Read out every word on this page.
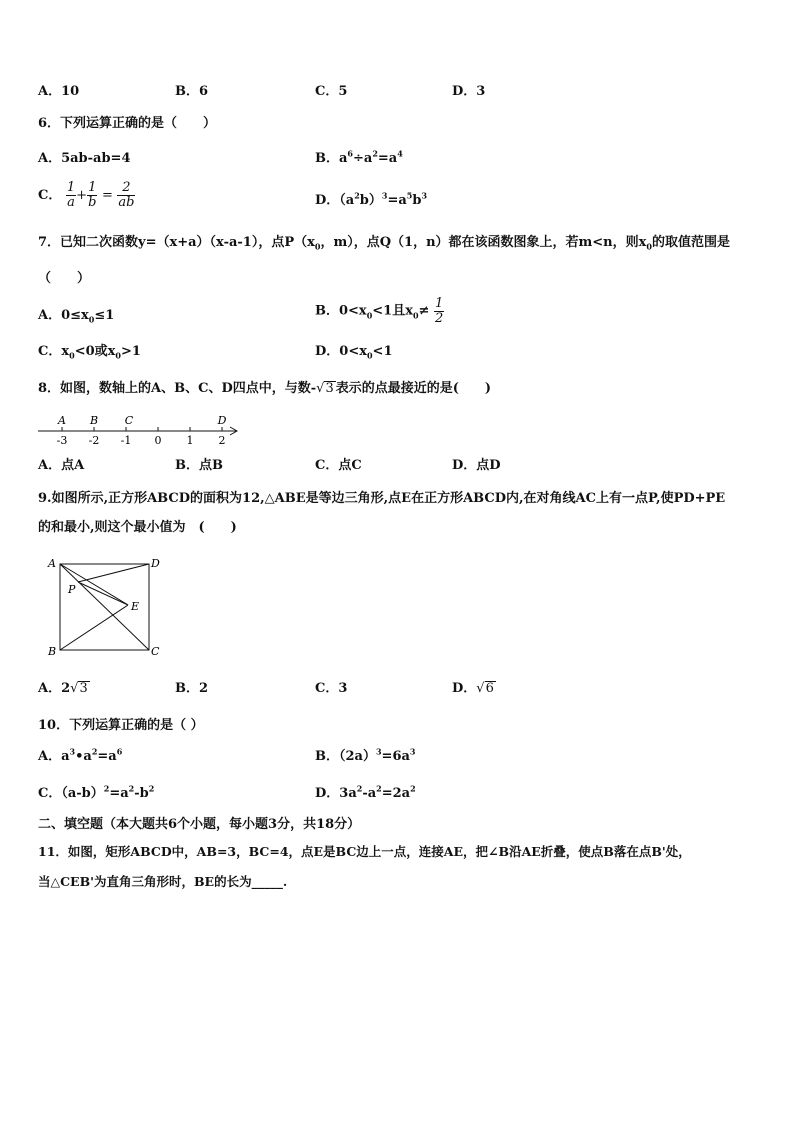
A．10	B．6	C．5	D．3
6．下列运算正确的是（　　）
A．5ab-ab=4	B．$a^6\div a^2=a^4$
C． $\frac{1}{a} + \frac{1}{b} = \frac{2}{ab}$	D．$(a^2b)^3=a^5b^3$
7．已知二次函数y=（x+a）（x-a-1），点$P(x_0$，m），点Q（1，n）都在该函数图象上，若m<n，则$x_0$的取值范围是
（　　）
A．$0\le x_0\le 1$	B．$0<x_0<1$且$x_0\ne \frac{1}{2}$
C．$x_0<0$或$x_0>1$	D．$0<x_0<1$
8．如图，数轴上的A、B、C、D四点中，与数-√3 表示的点最接近的是(　　)
-3 -2 -1 0 1 2
A B C	D
A．点A	B．点B	C．点C	D．点D
9.如图所示,正方形ABCD的面积为12,△ABE是等边三角形,点E在正方形ABCD内,在对角线AC上有一点P,使PD+PE
的和最小,则这个最小值为　(　　)
A	D
B	C
P
E
A．2√3	B．2	C．3	D．√6
10．下列运算正确的是（ ）
A．$a^3•a^2=a^6$	B．$(2a)^3=6a^3$
C．$(a-b)^2=a^2-b^2$	D．$3a^2-a^2=2a^2$
二、填空题（本大题共6个小题，每小题3分，共18分）
11．如图，矩形ABCD中，AB=3，BC=4，点E是BC边上一点，连接AE，把∠B沿AE折叠，使点B落在点B'处，
当△CEB'为直角三角形时，BE的长为_____.
